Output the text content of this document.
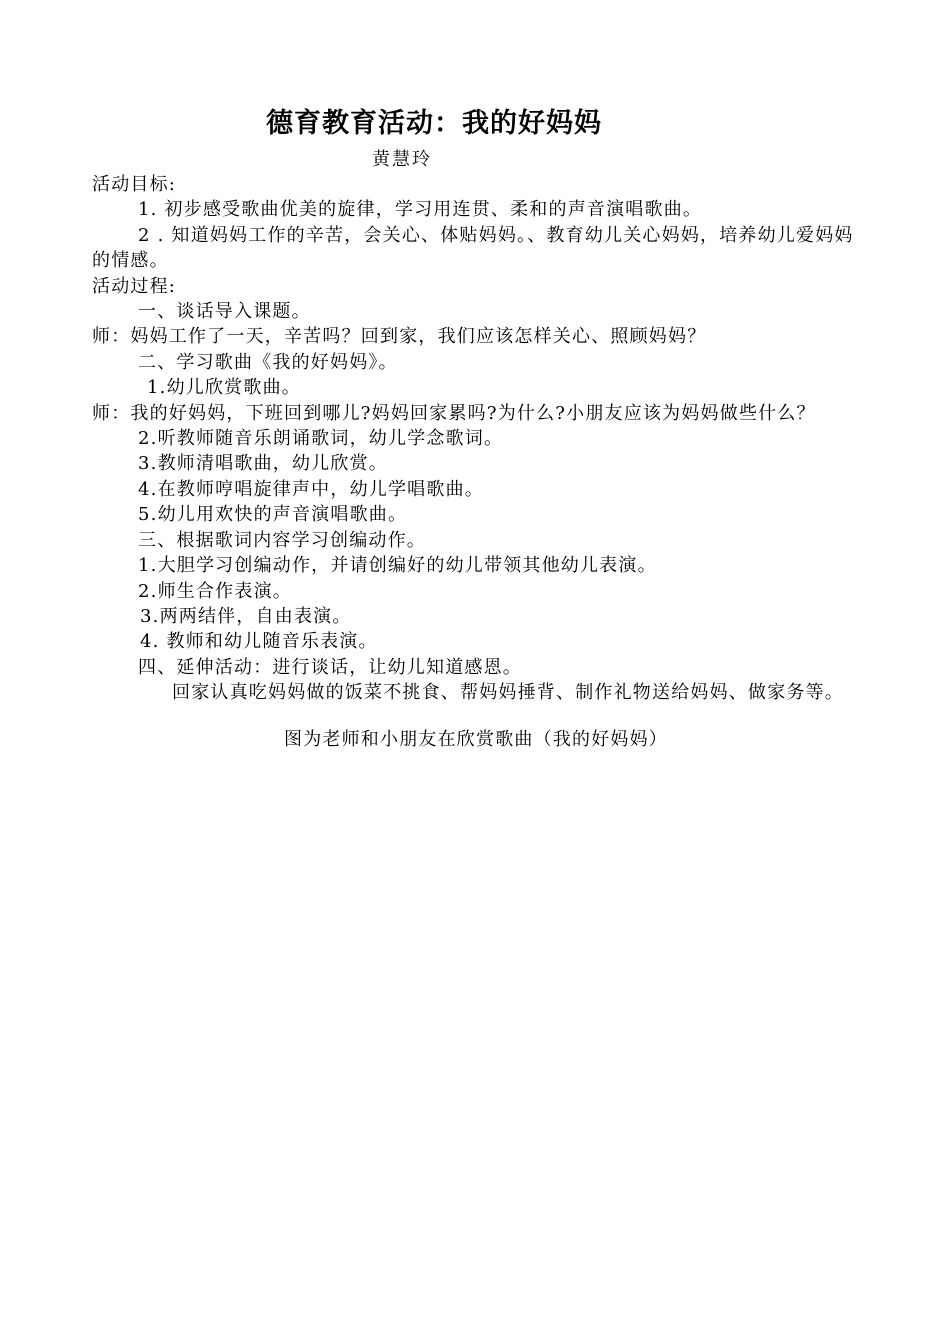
德育教育活动：我的好妈妈
黄慧玲
活动目标:
1. 初步感受歌曲优美的旋律，学习用连贯、柔和的声音演唱歌曲。
2 . 知道妈妈工作的辛苦，会关心、体贴妈妈。、教育幼儿关心妈妈，培养幼儿爱妈妈的情感。
活动过程:
一、谈话导入课题。
师：妈妈工作了一天，辛苦吗？回到家，我们应该怎样关心、照顾妈妈？
二、学习歌曲《我的好妈妈》。
1.幼儿欣赏歌曲。
师：我的好妈妈，下班回到哪儿?妈妈回家累吗?为什么?小朋友应该为妈妈做些什么？
2.听教师随音乐朗诵歌词，幼儿学念歌词。
3.教师清唱歌曲，幼儿欣赏。
4.在教师哼唱旋律声中，幼儿学唱歌曲。
5.幼儿用欢快的声音演唱歌曲。
三、根据歌词内容学习创编动作。
1.大胆学习创编动作，并请创编好的幼儿带领其他幼儿表演。
2.师生合作表演。
3.两两结伴，自由表演。
4. 教师和幼儿随音乐表演。
四、延伸活动：进行谈话，让幼儿知道感恩。
回家认真吃妈妈做的饭菜不挑食、帮妈妈捶背、制作礼物送给妈妈、做家务等。
图为老师和小朋友在欣赏歌曲（我的好妈妈）
